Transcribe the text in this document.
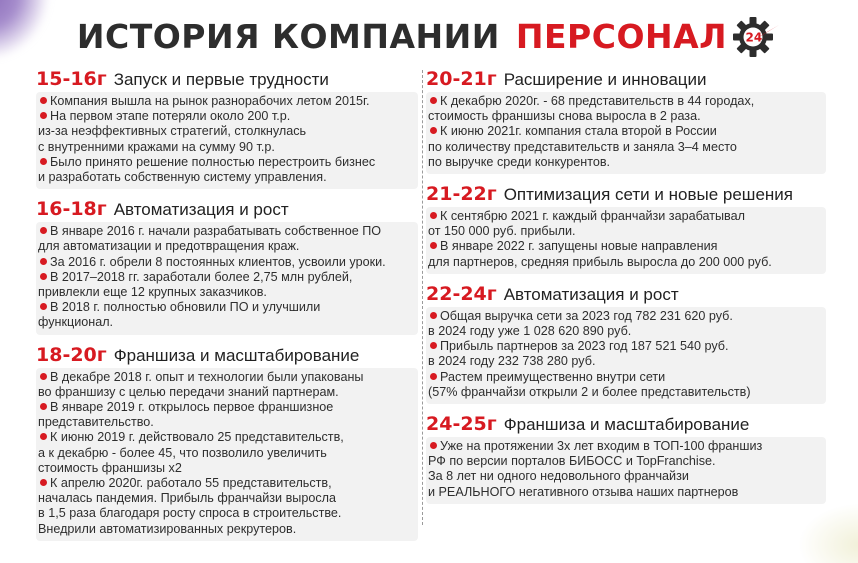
ИСТОРИЯ КОМПАНИИ ПЕРСОНАЛ 24
15-16г Запуск и первые трудности
Компания вышла на рынок разнорабочих летом 2015г.
На первом этапе потеряли около 200 т.р.
из-за неэффективных стратегий, столкнулась
с внутренними кражами на сумму 90 т.р.
Было принято решение полностью перестроить бизнес
и разработать собственную систему управления.
16-18г Автоматизация и рост
В январе 2016 г. начали разрабатывать собственное ПО
для автоматизации и предотвращения краж.
За 2016 г. обрели 8 постоянных клиентов, усвоили уроки.
В 2017–2018 гг. заработали более 2,75 млн рублей,
привлекли еще 12 крупных заказчиков.
В 2018 г. полностью обновили ПО и улучшили
функционал.
18-20г Франшиза и масштабирование
В декабре 2018 г. опыт и технологии были упакованы
во франшизу с целью передачи знаний партнерам.
В январе 2019 г. открылось первое франшизное
представительство.
К июню 2019 г. действовало 25 представительств,
а к декабрю - более 45, что позволило увеличить
стоимость франшизы х2
К апрелю 2020г. работало 55 представительств,
началась пандемия. Прибыль франчайзи выросла
в 1,5 раза благодаря росту спроса в строительстве.
Внедрили автоматизированных рекрутеров.
20-21г Расширение и инновации
К декабрю 2020г. - 68 представительств в 44 городах,
стоимость франшизы снова выросла в 2 раза.
К июню 2021г. компания стала второй в России
по количеству представительств и заняла 3–4 место
по выручке среди конкурентов.
21-22г Оптимизация сети и новые решения
К сентябрю 2021 г. каждый франчайзи зарабатывал
от 150 000 руб. прибыли.
В январе 2022 г. запущены новые направления
для партнеров, средняя прибыль выросла до 200 000 руб.
22-24г Автоматизация и рост
Общая выручка сети за 2023 год 782 231 620 руб.
в 2024 году уже 1 028 620 890 руб.
Прибыль партнеров за 2023 год 187 521 540 руб.
в 2024 году 232 738 280 руб.
Растем преимущественно внутри сети
(57% франчайзи открыли 2 и более представительств)
24-25г Франшиза и масштабирование
Уже на протяжении 3х лет входим в ТОП-100 франшиз
РФ по версии порталов БИБОСС и TopFranchise.
За 8 лет ни одного недовольного франчайзи
и РЕАЛЬНОГО негативного отзыва наших партнеров
